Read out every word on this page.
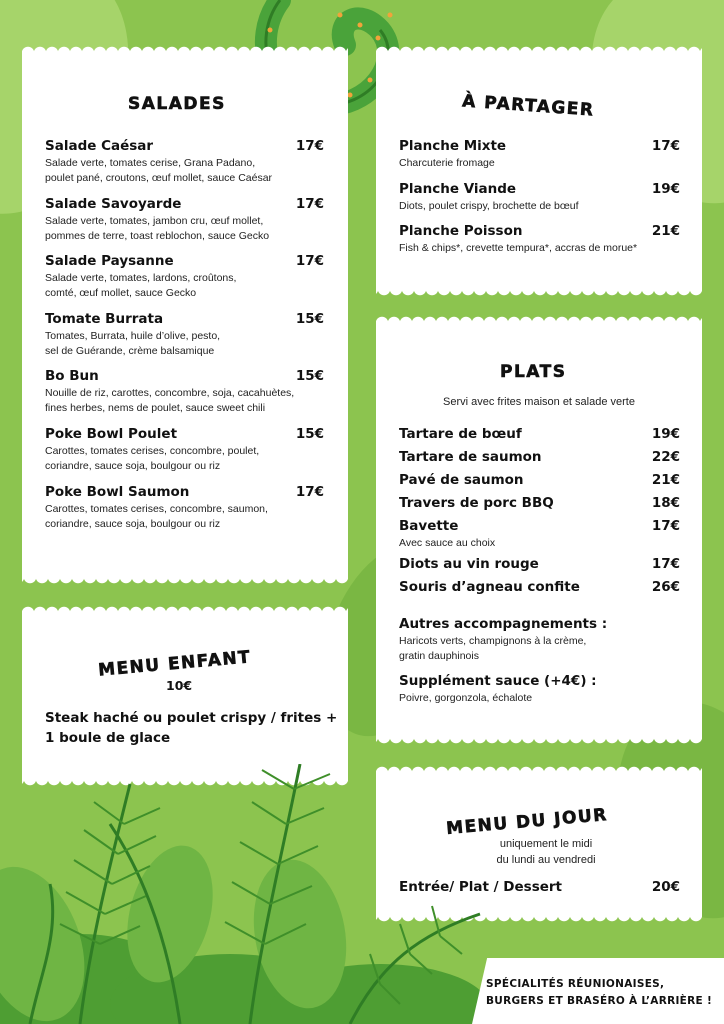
SALADES
Salade Caésar	17€
Salade verte, tomates cerise, Grana Padano,
poulet pané, croutons, œuf mollet, sauce Caésar
Salade Savoyarde	17€
Salade verte, tomates, jambon cru, œuf mollet,
pommes de terre, toast reblochon, sauce Gecko
Salade Paysanne	17€
Salade verte, tomates, lardons, croûtons,
comté, œuf mollet, sauce Gecko
Tomate Burrata	15€
Tomates, Burrata, huile d’olive, pesto,
sel de Guérande, crème balsamique
Bo Bun	15€
Nouille de riz, carottes, concombre, soja, cacahuètes,
fines herbes, nems de poulet, sauce sweet chili
Poke Bowl Poulet	15€
Carottes, tomates cerises, concombre, poulet,
coriandre, sauce soja, boulgour ou riz
Poke Bowl Saumon	17€
Carottes, tomates cerises, concombre, saumon,
coriandre, sauce soja, boulgour ou riz
À PARTAGER
Planche Mixte	17€
Charcuterie fromage
Planche Viande	19€
Diots, poulet crispy, brochette de bœuf
Planche Poisson	21€
Fish & chips*, crevette tempura*, accras de morue*
PLATS
Servi avec frites maison et salade verte
Tartare de bœuf	19€
Tartare de saumon	22€
Pavé de saumon	21€
Travers de porc BBQ	18€
Bavette	17€
Avec sauce au choix
Diots au vin rouge	17€
Souris d’agneau confite	26€
Autres accompagnements :
Haricots verts, champignons à la crème,
gratin dauphinois
Supplément sauce (+4€) :
Poivre, gorgonzola, échalote
MENU ENFANT
10€
Steak haché ou poulet crispy / frites +
1 boule de glace
MENU DU JOUR
uniquement le midi
du lundi au vendredi
Entrée/ Plat / Dessert	20€
SPÉCIALITÉS RÉUNIONAISES,
BURGERS ET BRASÉRO À L’ARRIÈRE !
